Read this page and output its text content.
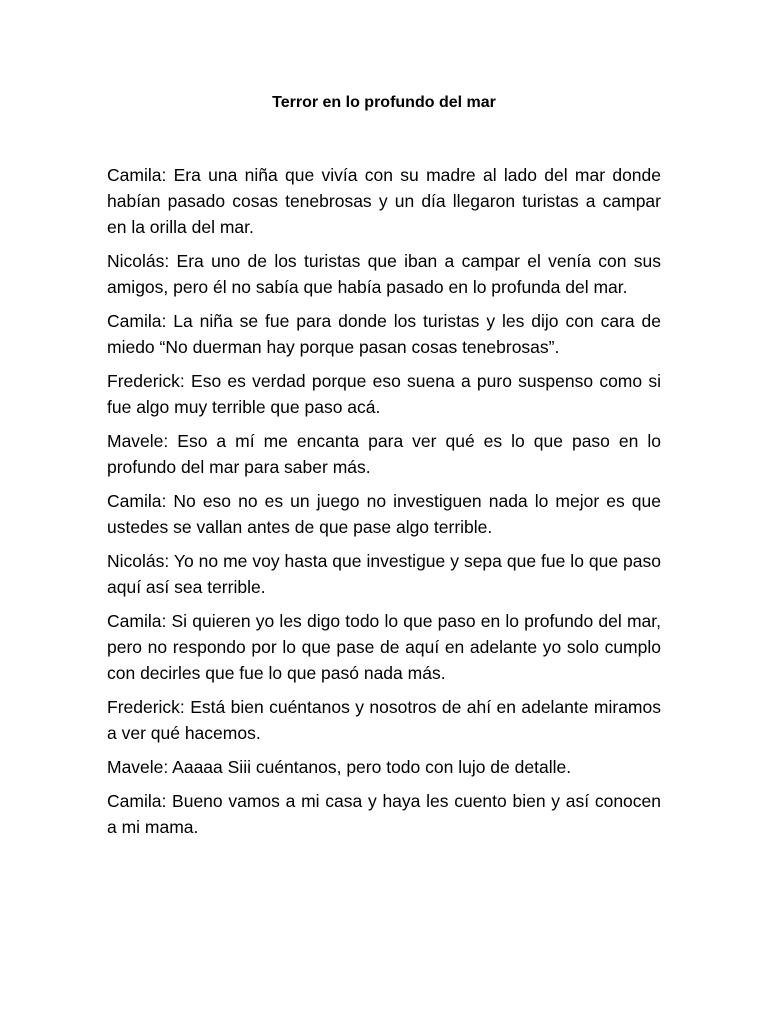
Terror en lo profundo del mar

Camila: Era una niña que vivía con su madre al lado del mar donde habían pasado cosas tenebrosas y un día llegaron turistas a campar en la orilla del mar.

Nicolás: Era uno de los turistas que iban a campar el venía con sus amigos, pero él no sabía que había pasado en lo profunda del mar.

Camila: La niña se fue para donde los turistas y les dijo con cara de miedo “No duerman hay porque pasan cosas tenebrosas”.

Frederick: Eso es verdad porque eso suena a puro suspenso como si fue algo muy terrible que paso acá.

Mavele: Eso a mí me encanta para ver qué es lo que paso en lo profundo del mar para saber más.

Camila: No eso no es un juego no investiguen nada lo mejor es que ustedes se vallan antes de que pase algo terrible.

Nicolás: Yo no me voy hasta que investigue y sepa que fue lo que paso aquí así sea terrible.

Camila: Si quieren yo les digo todo lo que paso en lo profundo del mar, pero no respondo por lo que pase de aquí en adelante yo solo cumplo con decirles que fue lo que pasó nada más.

Frederick: Está bien cuéntanos y nosotros de ahí en adelante miramos a ver qué hacemos.

Mavele: Aaaaa Siii cuéntanos, pero todo con lujo de detalle.

Camila: Bueno vamos a mi casa y haya les cuento bien y así conocen a mi mama.
